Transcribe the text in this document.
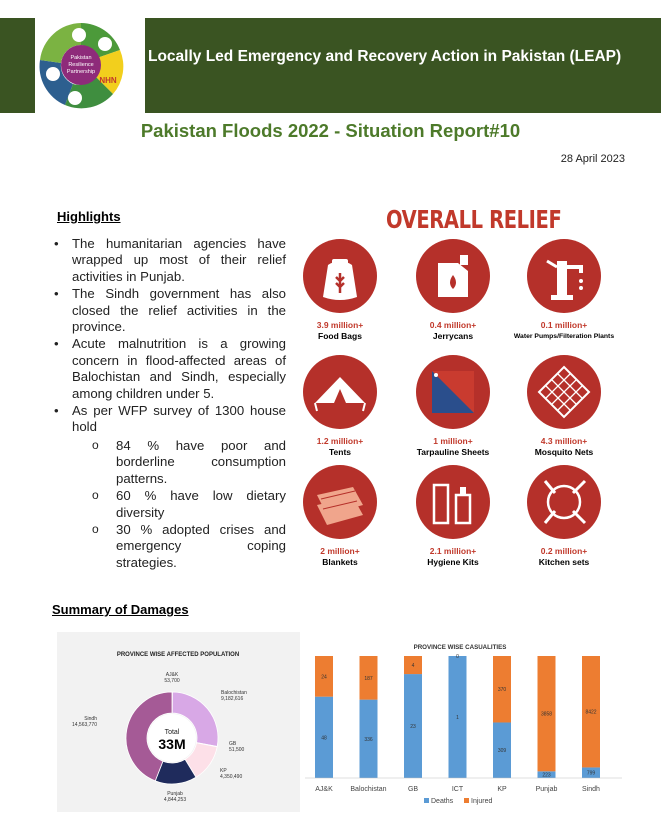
Pakistan
Resilience
Partnership
NHN
Locally Led Emergency and Recovery Action in Pakistan (LEAP)
Pakistan Floods 2022 - Situation Report#10
28 April 2023
Highlights
• The humanitarian agencies have wrapped up most of their relief activities in Punjab.
• The Sindh government has also closed the relief activities in the province.
• Acute malnutrition is a growing concern in flood-affected areas of Balochistan and Sindh, especially among children under 5.
• As per WFP survey of 1300 house hold
o 84 % have poor and borderline consumption patterns.
o 60 % have low dietary diversity
o 30 % adopted crises and emergency coping strategies.
OVERALL RELIEF
3.9 million+
Food Bags
0.4 million+
Jerrycans
0.1 million+
Water Pumps/Filteration Plants
1.2 million+
Tents
1 million+
Tarpauline Sheets
4.3 million+
Mosquito Nets
2 million+
Blankets
2.1 million+
Hygiene Kits
0.2 million+
Kitchen sets
Summary of Damages
PROVINCE WISE AFFECTED POPULATION
AJ&K
53,700
Balochistan
9,182,616
GB
51,500
KP
4,350,490
Punjab
4,844,253
Sindh
14,563,770
Total
33M
PROVINCE WISE CASUALITIES
48
24
AJ&K
336
187
Balochistan
23
4
GB
1
0
ICT
309
370
KP
223
3858
Punjab
799
8422
Sindh
Deaths	Injured
